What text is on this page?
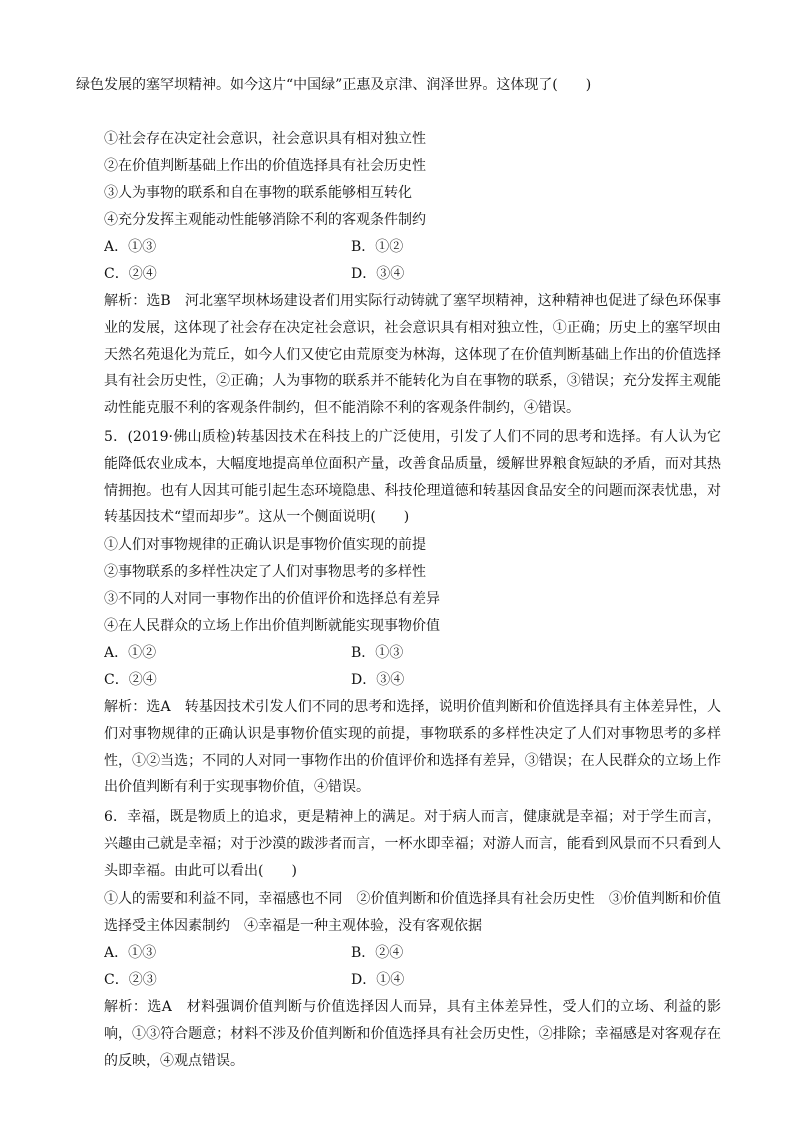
绿色发展的塞罕坝精神。如今这片“中国绿”正惠及京津、润泽世界。这体现了(　　)
①社会存在决定社会意识，社会意识具有相对独立性
②在价值判断基础上作出的价值选择具有社会历史性
③人为事物的联系和自在事物的联系能够相互转化
④充分发挥主观能动性能够消除不利的客观条件制约
A．①③	B．①②
C．②④	D．③④
解析：选B　河北塞罕坝林场建设者们用实际行动铸就了塞罕坝精神，这种精神也促进了绿色环保事业的发展，这体现了社会存在决定社会意识，社会意识具有相对独立性，①正确；历史上的塞罕坝由天然名苑退化为荒丘，如今人们又使它由荒原变为林海，这体现了在价值判断基础上作出的价值选择具有社会历史性，②正确；人为事物的联系并不能转化为自在事物的联系，③错误；充分发挥主观能动性能克服不利的客观条件制约，但不能消除不利的客观条件制约，④错误。
5．(2019·佛山质检)转基因技术在科技上的广泛使用，引发了人们不同的思考和选择。有人认为它能降低农业成本，大幅度地提高单位面积产量，改善食品质量，缓解世界粮食短缺的矛盾，而对其热情拥抱。也有人因其可能引起生态环境隐患、科技伦理道德和转基因食品安全的问题而深表忧患，对转基因技术“望而却步”。这从一个侧面说明(　　)
①人们对事物规律的正确认识是事物价值实现的前提
②事物联系的多样性决定了人们对事物思考的多样性
③不同的人对同一事物作出的价值评价和选择总有差异
④在人民群众的立场上作出价值判断就能实现事物价值
A．①②	B．①③
C．②④	D．③④
解析：选A　转基因技术引发人们不同的思考和选择，说明价值判断和价值选择具有主体差异性，人们对事物规律的正确认识是事物价值实现的前提，事物联系的多样性决定了人们对事物思考的多样性，①②当选；不同的人对同一事物作出的价值评价和选择有差异，③错误；在人民群众的立场上作出价值判断有利于实现事物价值，④错误。
6．幸福，既是物质上的追求，更是精神上的满足。对于病人而言，健康就是幸福；对于学生而言，兴趣由己就是幸福；对于沙漠的跋涉者而言，一杯水即幸福；对游人而言，能看到风景而不只看到人头即幸福。由此可以看出(　　)
①人的需要和利益不同，幸福感也不同　②价值判断和价值选择具有社会历史性　③价值判断和价值选择受主体因素制约　④幸福是一种主观体验，没有客观依据
A．①③	B．②④
C．②③	D．①④
解析：选A　材料强调价值判断与价值选择因人而异，具有主体差异性，受人们的立场、利益的影响，①③符合题意；材料不涉及价值判断和价值选择具有社会历史性，②排除；幸福感是对客观存在的反映，④观点错误。
